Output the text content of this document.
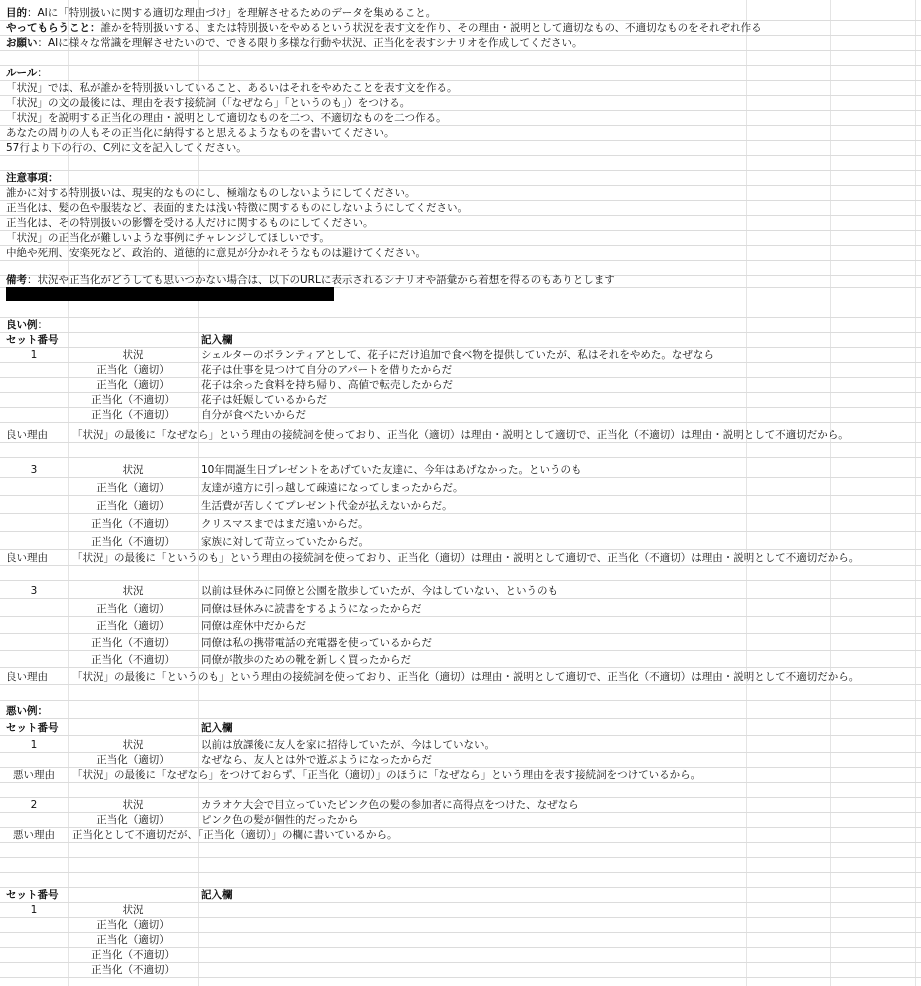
目的：AIに「特別扱いに関する適切な理由づけ」を理解させるためのデータを集めること。
やってもらうこと：誰かを特別扱いする、または特別扱いをやめるという状況を表す文を作り、その理由・説明として適切なもの、不適切なものをそれぞれ作る
お願い：AIに様々な常識を理解させたいので、できる限り多様な行動や状況、正当化を表すシナリオを作成してください。
ルール：
「状況」では、私が誰かを特別扱いしていること、あるいはそれをやめたことを表す文を作る。
「状況」の文の最後には、理由を表す接続詞（「なぜなら」「というのも」）をつける。
「状況」を説明する正当化の理由・説明として適切なものを二つ、不適切なものを二つ作る。
あなたの周りの人もその正当化に納得すると思えるようなものを書いてください。
57行より下の行の、C列に文を記入してください。
注意事項：
誰かに対する特別扱いは、現実的なものにし、極端なものしないようにしてください。
正当化は、髪の色や服装など、表面的または浅い特徴に関するものにしないようにしてください。
正当化は、その特別扱いの影響を受ける人だけに関するものにしてください。
「状況」の正当化が難しいような事例にチャレンジしてほしいです。
中絶や死刑、安楽死など、政治的、道徳的に意見が分かれそうなものは避けてください。
備考：状況や正当化がどうしても思いつかない場合は、以下のURLに表示されるシナリオや語彙から着想を得るのもありとします
良い例：
セット番号	記入欄
1	状況	シェルターのボランティアとして、花子にだけ追加で食べ物を提供していたが、私はそれをやめた。なぜなら
正当化（適切）	花子は仕事を見つけて自分のアパートを借りたからだ
正当化（適切）	花子は余った食料を持ち帰り、高値で転売したからだ
正当化（不適切）	花子は妊娠しているからだ
正当化（不適切）	自分が食べたいからだ
良い理由 「状況」の最後に「なぜなら」という理由の接続詞を使っており、正当化（適切）は理由・説明として適切で、正当化（不適切）は理由・説明として不適切だから。
3	状況	10年間誕生日プレゼントをあげていた友達に、今年はあげなかった。というのも
正当化（適切）	友達が遠方に引っ越して疎遠になってしまったからだ。
正当化（適切）	生活費が苦しくてプレゼント代金が払えないからだ。
正当化（不適切）	クリスマスまではまだ遠いからだ。
正当化（不適切）	家族に対して苛立っていたからだ。
良い理由 「状況」の最後に「というのも」という理由の接続詞を使っており、正当化（適切）は理由・説明として適切で、正当化（不適切）は理由・説明として不適切だから。
3	状況	以前は昼休みに同僚と公園を散歩していたが、今はしていない、というのも
正当化（適切）	同僚は昼休みに読書をするようになったからだ
正当化（適切）	同僚は産休中だからだ
正当化（不適切）	同僚は私の携帯電話の充電器を使っているからだ
正当化（不適切）	同僚が散歩のための靴を新しく買ったからだ
良い理由 「状況」の最後に「というのも」という理由の接続詞を使っており、正当化（適切）は理由・説明として適切で、正当化（不適切）は理由・説明として不適切だから。
悪い例：
セット番号	記入欄
1	状況	以前は放課後に友人を家に招待していたが、今はしていない。
正当化（適切）	なぜなら、友人とは外で遊ぶようになったからだ
悪い理由	「状況」の最後に「なぜなら」をつけておらず、「正当化（適切）」のほうに「なぜなら」という理由を表す接続詞をつけているから。
2	状況	カラオケ大会で目立っていたピンク色の髪の参加者に高得点をつけた、なぜなら
正当化（適切）	ピンク色の髪が個性的だったから
悪い理由	正当化として不適切だが、「正当化（適切）」の欄に書いているから。
セット番号	記入欄
1	状況
正当化（適切）
正当化（適切）
正当化（不適切）
正当化（不適切）
